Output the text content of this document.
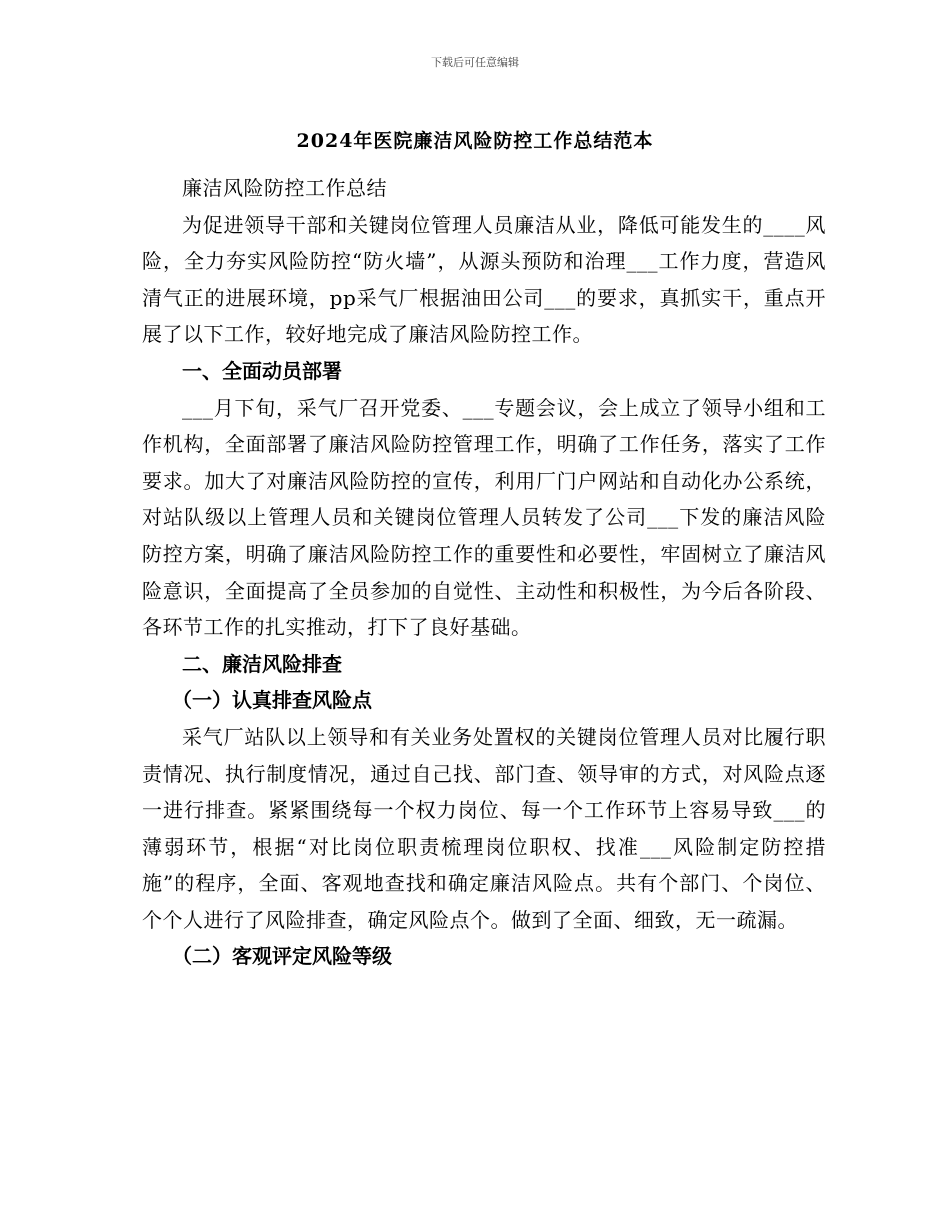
下载后可任意编辑
2024年医院廉洁风险防控工作总结范本

廉洁风险防控工作总结

为促进领导干部和关键岗位管理人员廉洁从业，降低可能发生的____风险，全力夯实风险防控“防火墙”，从源头预防和治理___工作力度，营造风清气正的进展环境，pp采气厂根据油田公司___的要求，真抓实干，重点开展了以下工作，较好地完成了廉洁风险防控工作。

一、全面动员部署

___月下旬，采气厂召开党委、___专题会议，会上成立了领导小组和工作机构，全面部署了廉洁风险防控管理工作，明确了工作任务，落实了工作要求。加大了对廉洁风险防控的宣传，利用厂门户网站和自动化办公系统，对站队级以上管理人员和关键岗位管理人员转发了公司___下发的廉洁风险防控方案，明确了廉洁风险防控工作的重要性和必要性，牢固树立了廉洁风险意识，全面提高了全员参加的自觉性、主动性和积极性，为今后各阶段、各环节工作的扎实推动，打下了良好基础。

二、廉洁风险排查

（一）认真排查风险点

采气厂站队以上领导和有关业务处置权的关键岗位管理人员对比履行职责情况、执行制度情况，通过自己找、部门查、领导审的方式，对风险点逐一进行排查。紧紧围绕每一个权力岗位、每一个工作环节上容易导致___的薄弱环节，根据“对比岗位职责梳理岗位职权、找准___风险制定防控措施”的程序，全面、客观地查找和确定廉洁风险点。共有个部门、个岗位、个个人进行了风险排查，确定风险点个。做到了全面、细致，无一疏漏。

（二）客观评定风险等级
